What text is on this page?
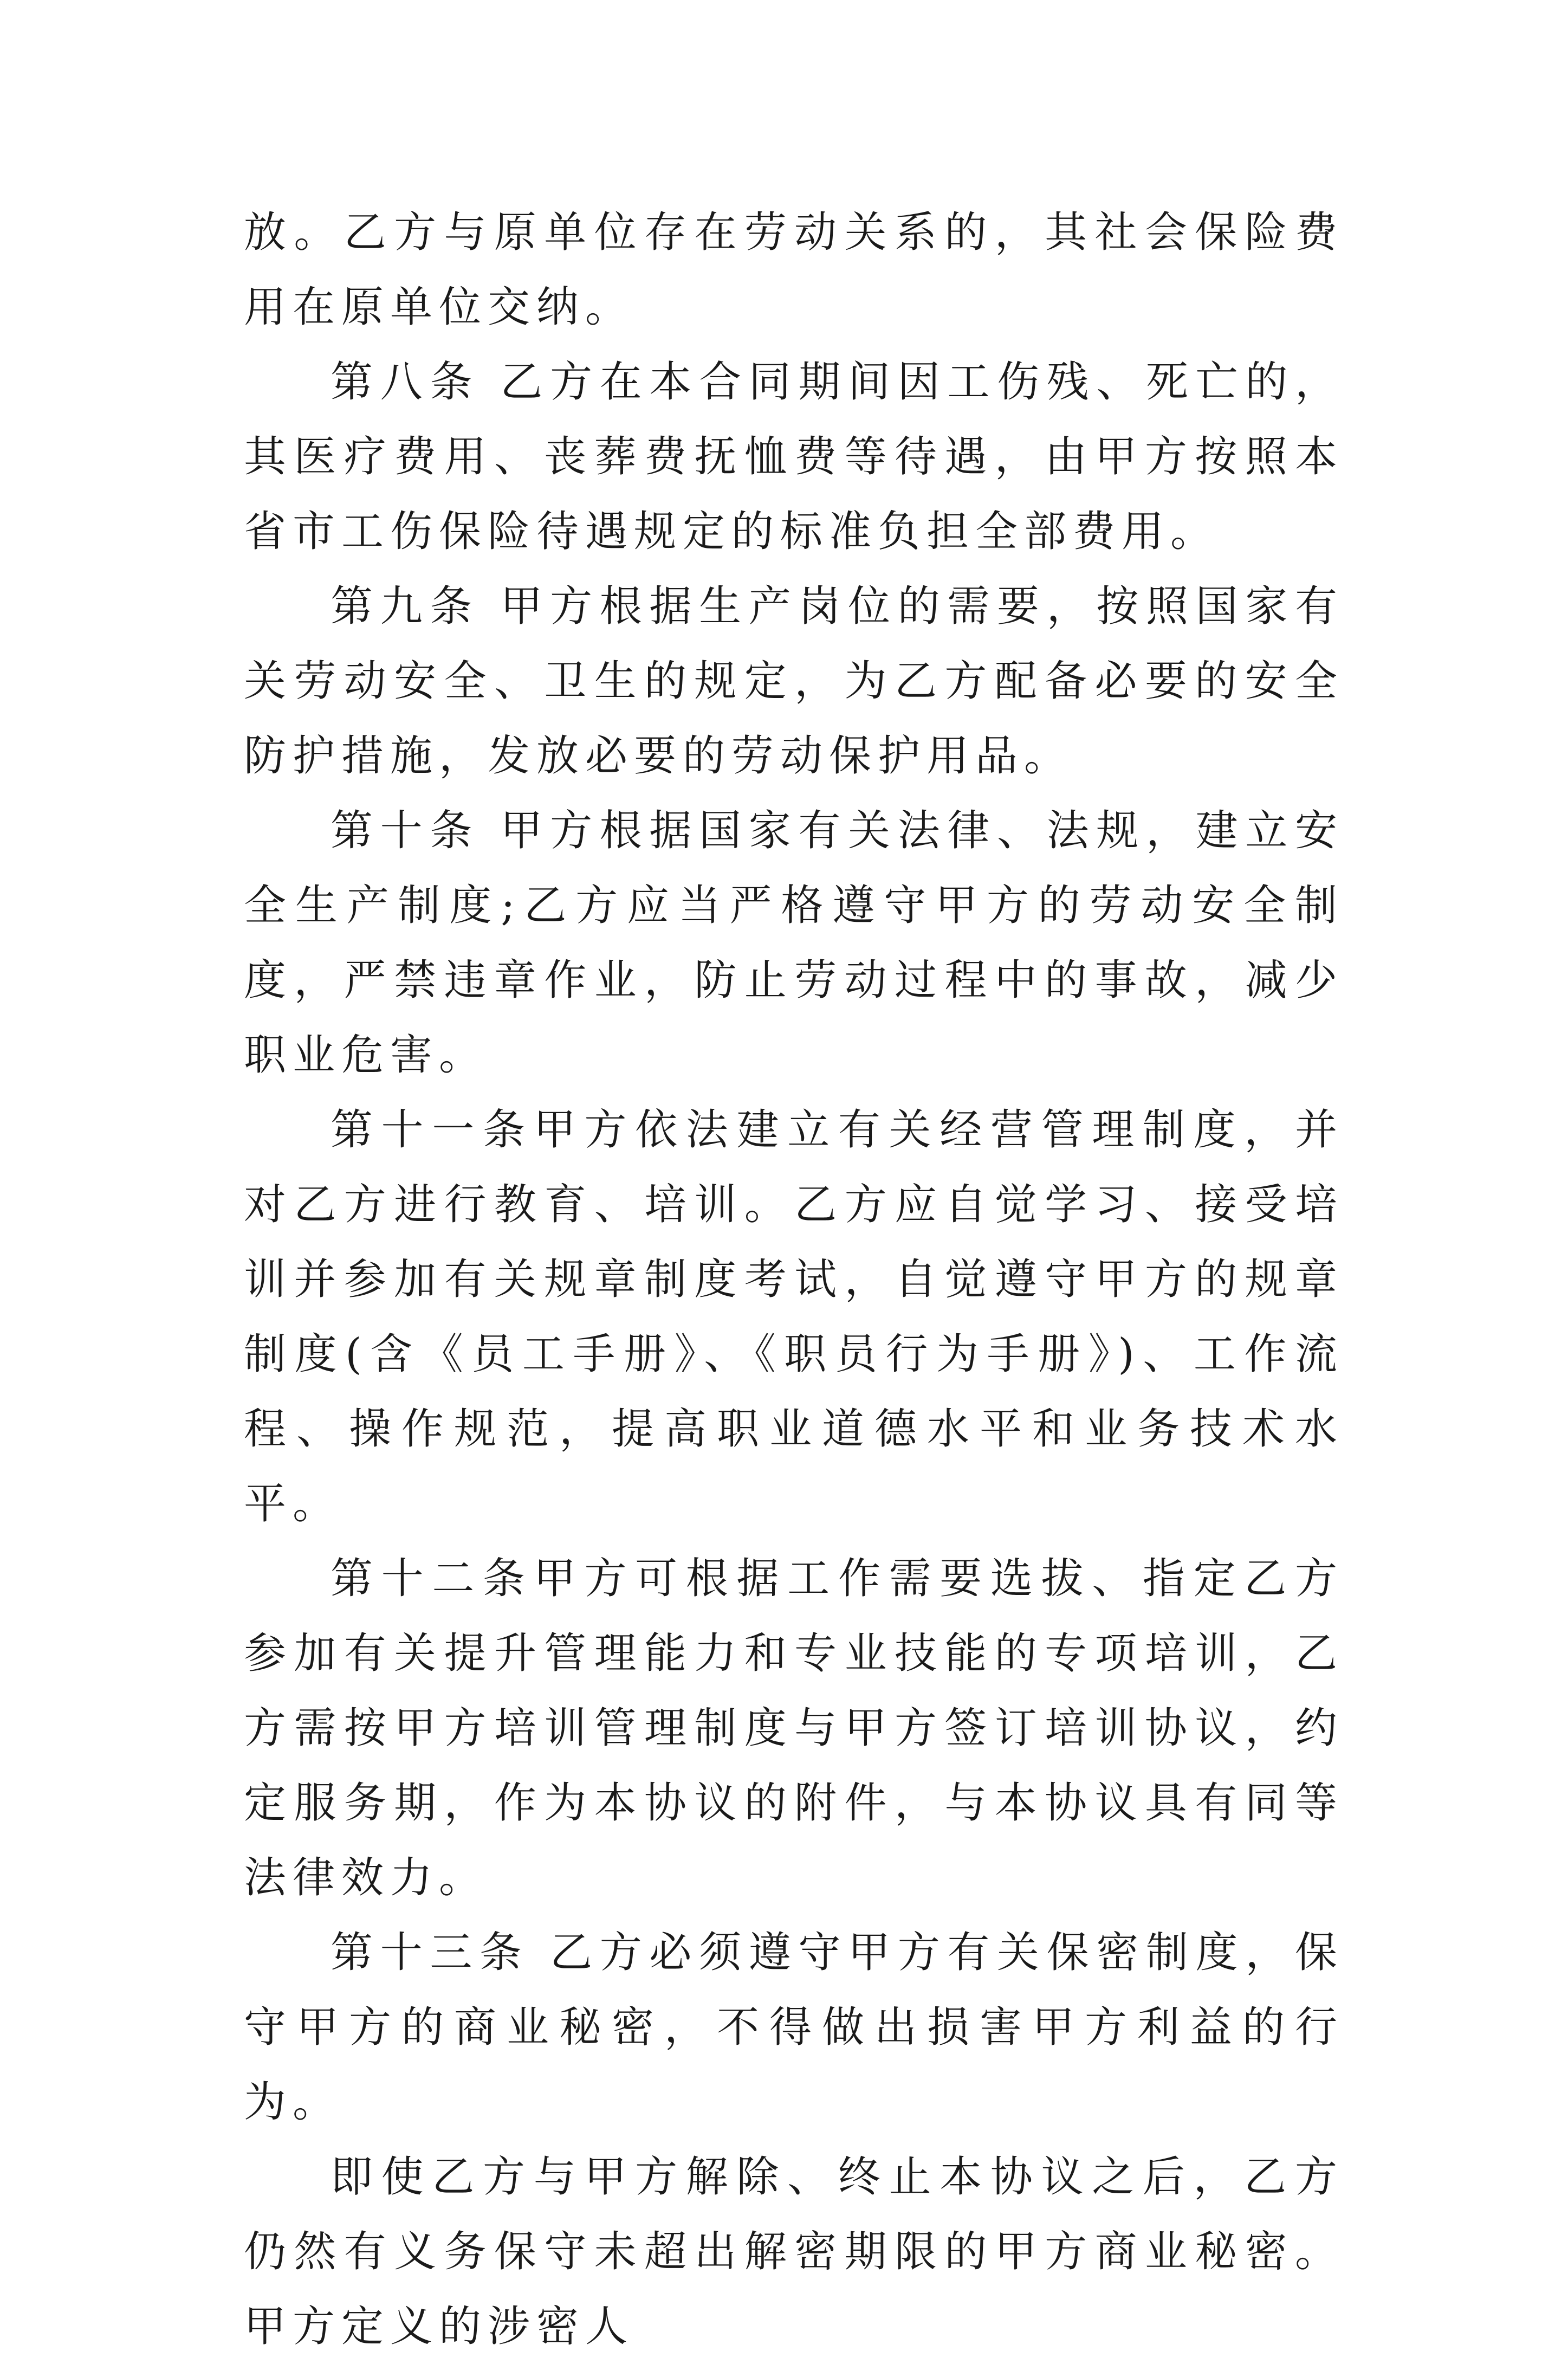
放。乙方与原单位存在劳动关系的，其社会保险费用在原单位交纳。

第八条 乙方在本合同期间因工伤残、死亡的，其医疗费用、丧葬费抚恤费等待遇，由甲方按照本省市工伤保险待遇规定的标准负担全部费用。

第九条 甲方根据生产岗位的需要，按照国家有关劳动安全、卫生的规定，为乙方配备必要的安全防护措施，发放必要的劳动保护用品。

第十条 甲方根据国家有关法律、法规，建立安全生产制度;乙方应当严格遵守甲方的劳动安全制度，严禁违章作业，防止劳动过程中的事故，减少职业危害。

第十一条甲方依法建立有关经营管理制度，并对乙方进行教育、培训。乙方应自觉学习、接受培训并参加有关规章制度考试，自觉遵守甲方的规章制度(含《员工手册》、《职员行为手册》)、工作流程、操作规范，提高职业道德水平和业务技术水平。

第十二条甲方可根据工作需要选拔、指定乙方参加有关提升管理能力和专业技能的专项培训，乙方需按甲方培训管理制度与甲方签订培训协议，约定服务期，作为本协议的附件，与本协议具有同等法律效力。

第十三条 乙方必须遵守甲方有关保密制度，保守甲方的商业秘密，不得做出损害甲方利益的行为。

即使乙方与甲方解除、终止本协议之后，乙方仍然有义务保守未超出解密期限的甲方商业秘密。甲方定义的涉密人
